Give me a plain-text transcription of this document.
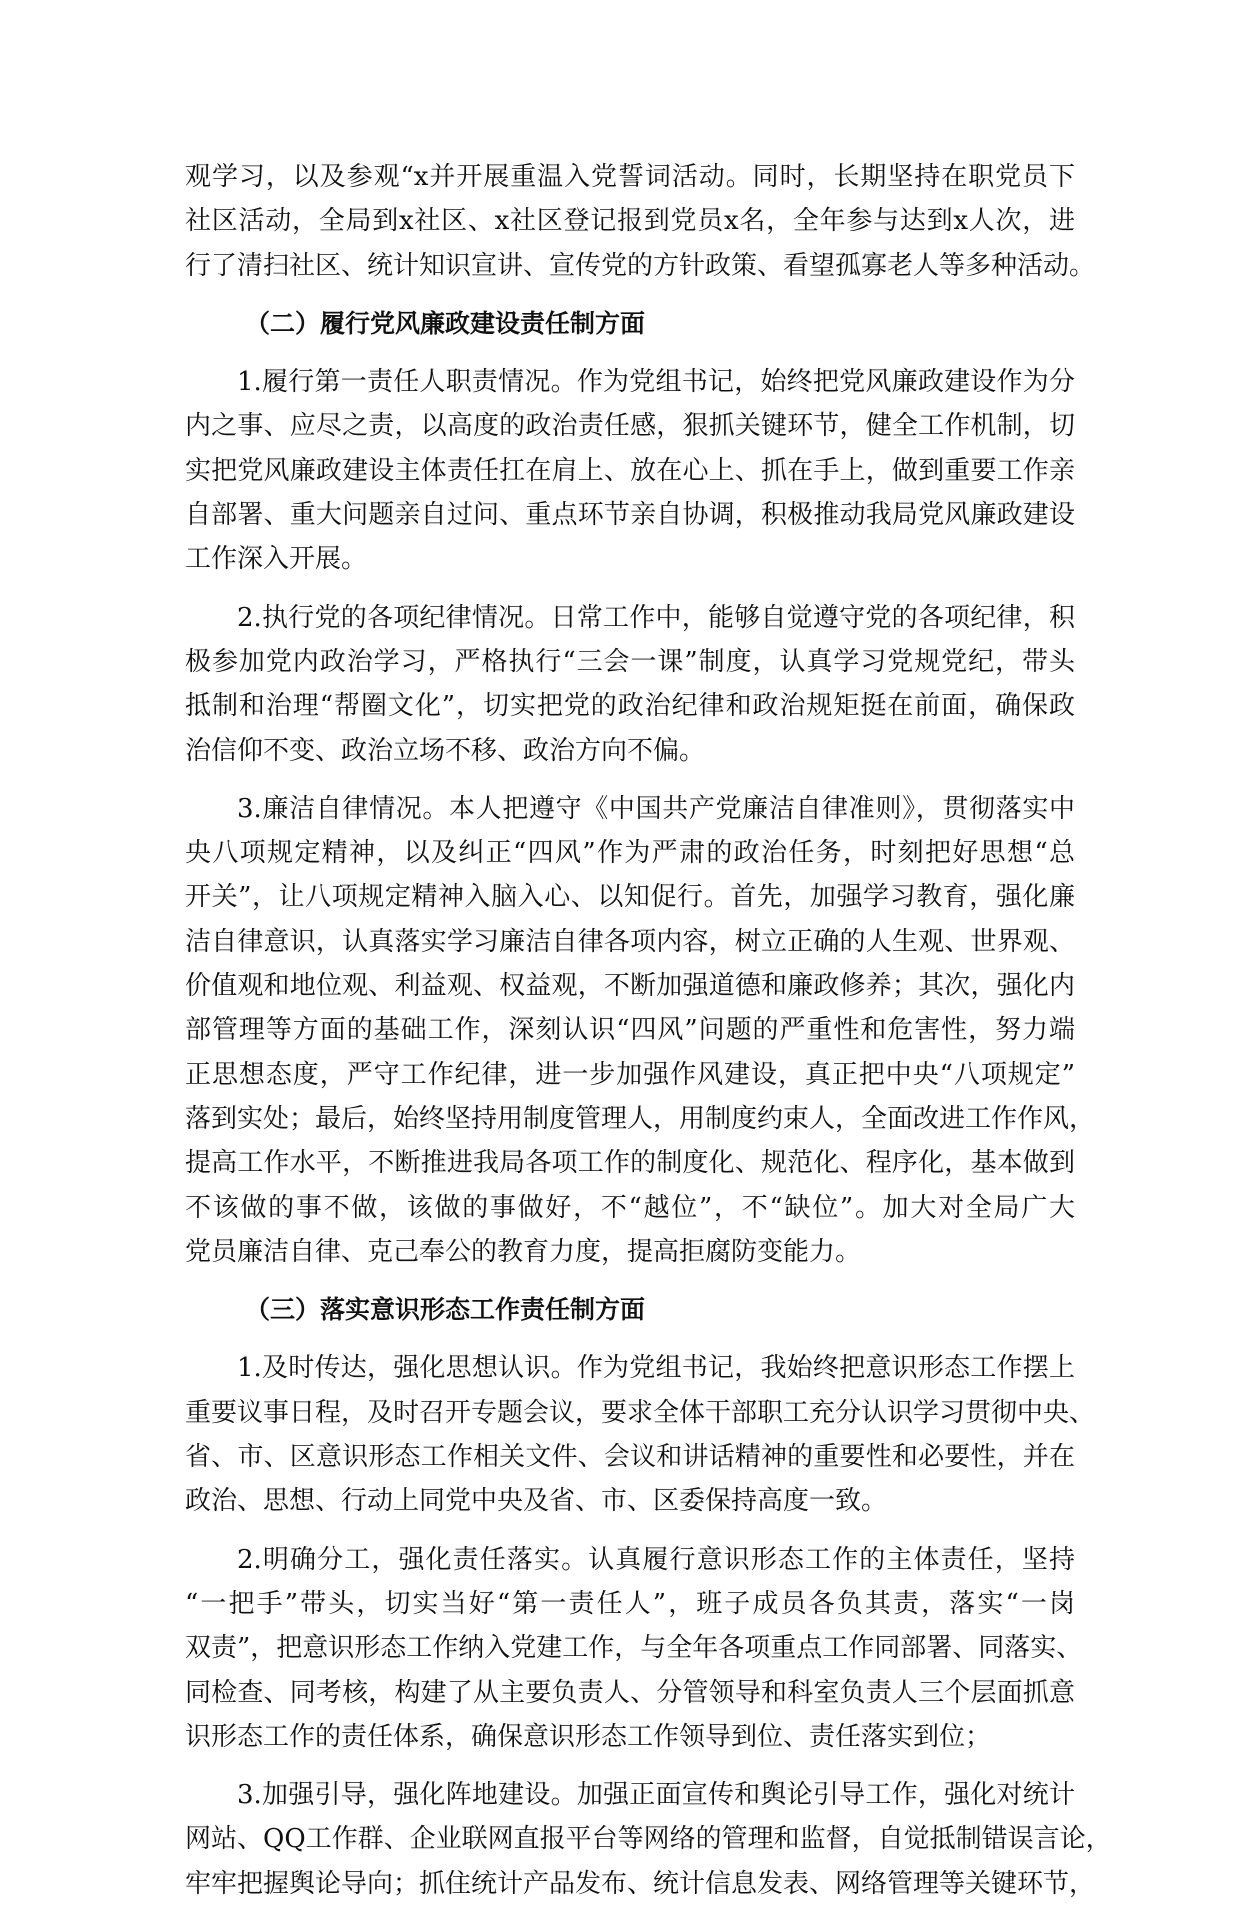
观学习，以及参观“x并开展重温入党誓词活动。同时，长期坚持在职党员下
社区活动，全局到x社区、x社区登记报到党员x名，全年参与达到x人次，进
行了清扫社区、统计知识宣讲、宣传党的方针政策、看望孤寡老人等多种活动。
（二）履行党风廉政建设责任制方面
1.履行第一责任人职责情况。作为党组书记，始终把党风廉政建设作为分
内之事、应尽之责，以高度的政治责任感，狠抓关键环节，健全工作机制，切
实把党风廉政建设主体责任扛在肩上、放在心上、抓在手上，做到重要工作亲
自部署、重大问题亲自过问、重点环节亲自协调，积极推动我局党风廉政建设
工作深入开展。
2.执行党的各项纪律情况。日常工作中，能够自觉遵守党的各项纪律，积
极参加党内政治学习，严格执行“三会一课”制度，认真学习党规党纪，带头
抵制和治理“帮圈文化”，切实把党的政治纪律和政治规矩挺在前面，确保政
治信仰不变、政治立场不移、政治方向不偏。
3.廉洁自律情况。本人把遵守《中国共产党廉洁自律准则》，贯彻落实中
央八项规定精神，以及纠正“四风”作为严肃的政治任务，时刻把好思想“总
开关”，让八项规定精神入脑入心、以知促行。首先，加强学习教育，强化廉
洁自律意识，认真落实学习廉洁自律各项内容，树立正确的人生观、世界观、
价值观和地位观、利益观、权益观，不断加强道德和廉政修养；其次，强化内
部管理等方面的基础工作，深刻认识“四风”问题的严重性和危害性，努力端
正思想态度，严守工作纪律，进一步加强作风建设，真正把中央“八项规定”
落到实处；最后，始终坚持用制度管理人，用制度约束人，全面改进工作作风，
提高工作水平，不断推进我局各项工作的制度化、规范化、程序化，基本做到
不该做的事不做，该做的事做好，不“越位”，不“缺位”。加大对全局广大
党员廉洁自律、克己奉公的教育力度，提高拒腐防变能力。
（三）落实意识形态工作责任制方面
1.及时传达，强化思想认识。作为党组书记，我始终把意识形态工作摆上
重要议事日程，及时召开专题会议，要求全体干部职工充分认识学习贯彻中央、
省、市、区意识形态工作相关文件、会议和讲话精神的重要性和必要性，并在
政治、思想、行动上同党中央及省、市、区委保持高度一致。
2.明确分工，强化责任落实。认真履行意识形态工作的主体责任，坚持
“一把手”带头，切实当好“第一责任人”，班子成员各负其责，落实“一岗
双责”，把意识形态工作纳入党建工作，与全年各项重点工作同部署、同落实、
同检查、同考核，构建了从主要负责人、分管领导和科室负责人三个层面抓意
识形态工作的责任体系，确保意识形态工作领导到位、责任落实到位；
3.加强引导，强化阵地建设。加强正面宣传和舆论引导工作，强化对统计
网站、QQ工作群、企业联网直报平台等网络的管理和监督，自觉抵制错误言论，
牢牢把握舆论导向；抓住统计产品发布、统计信息发表、网络管理等关键环节，
